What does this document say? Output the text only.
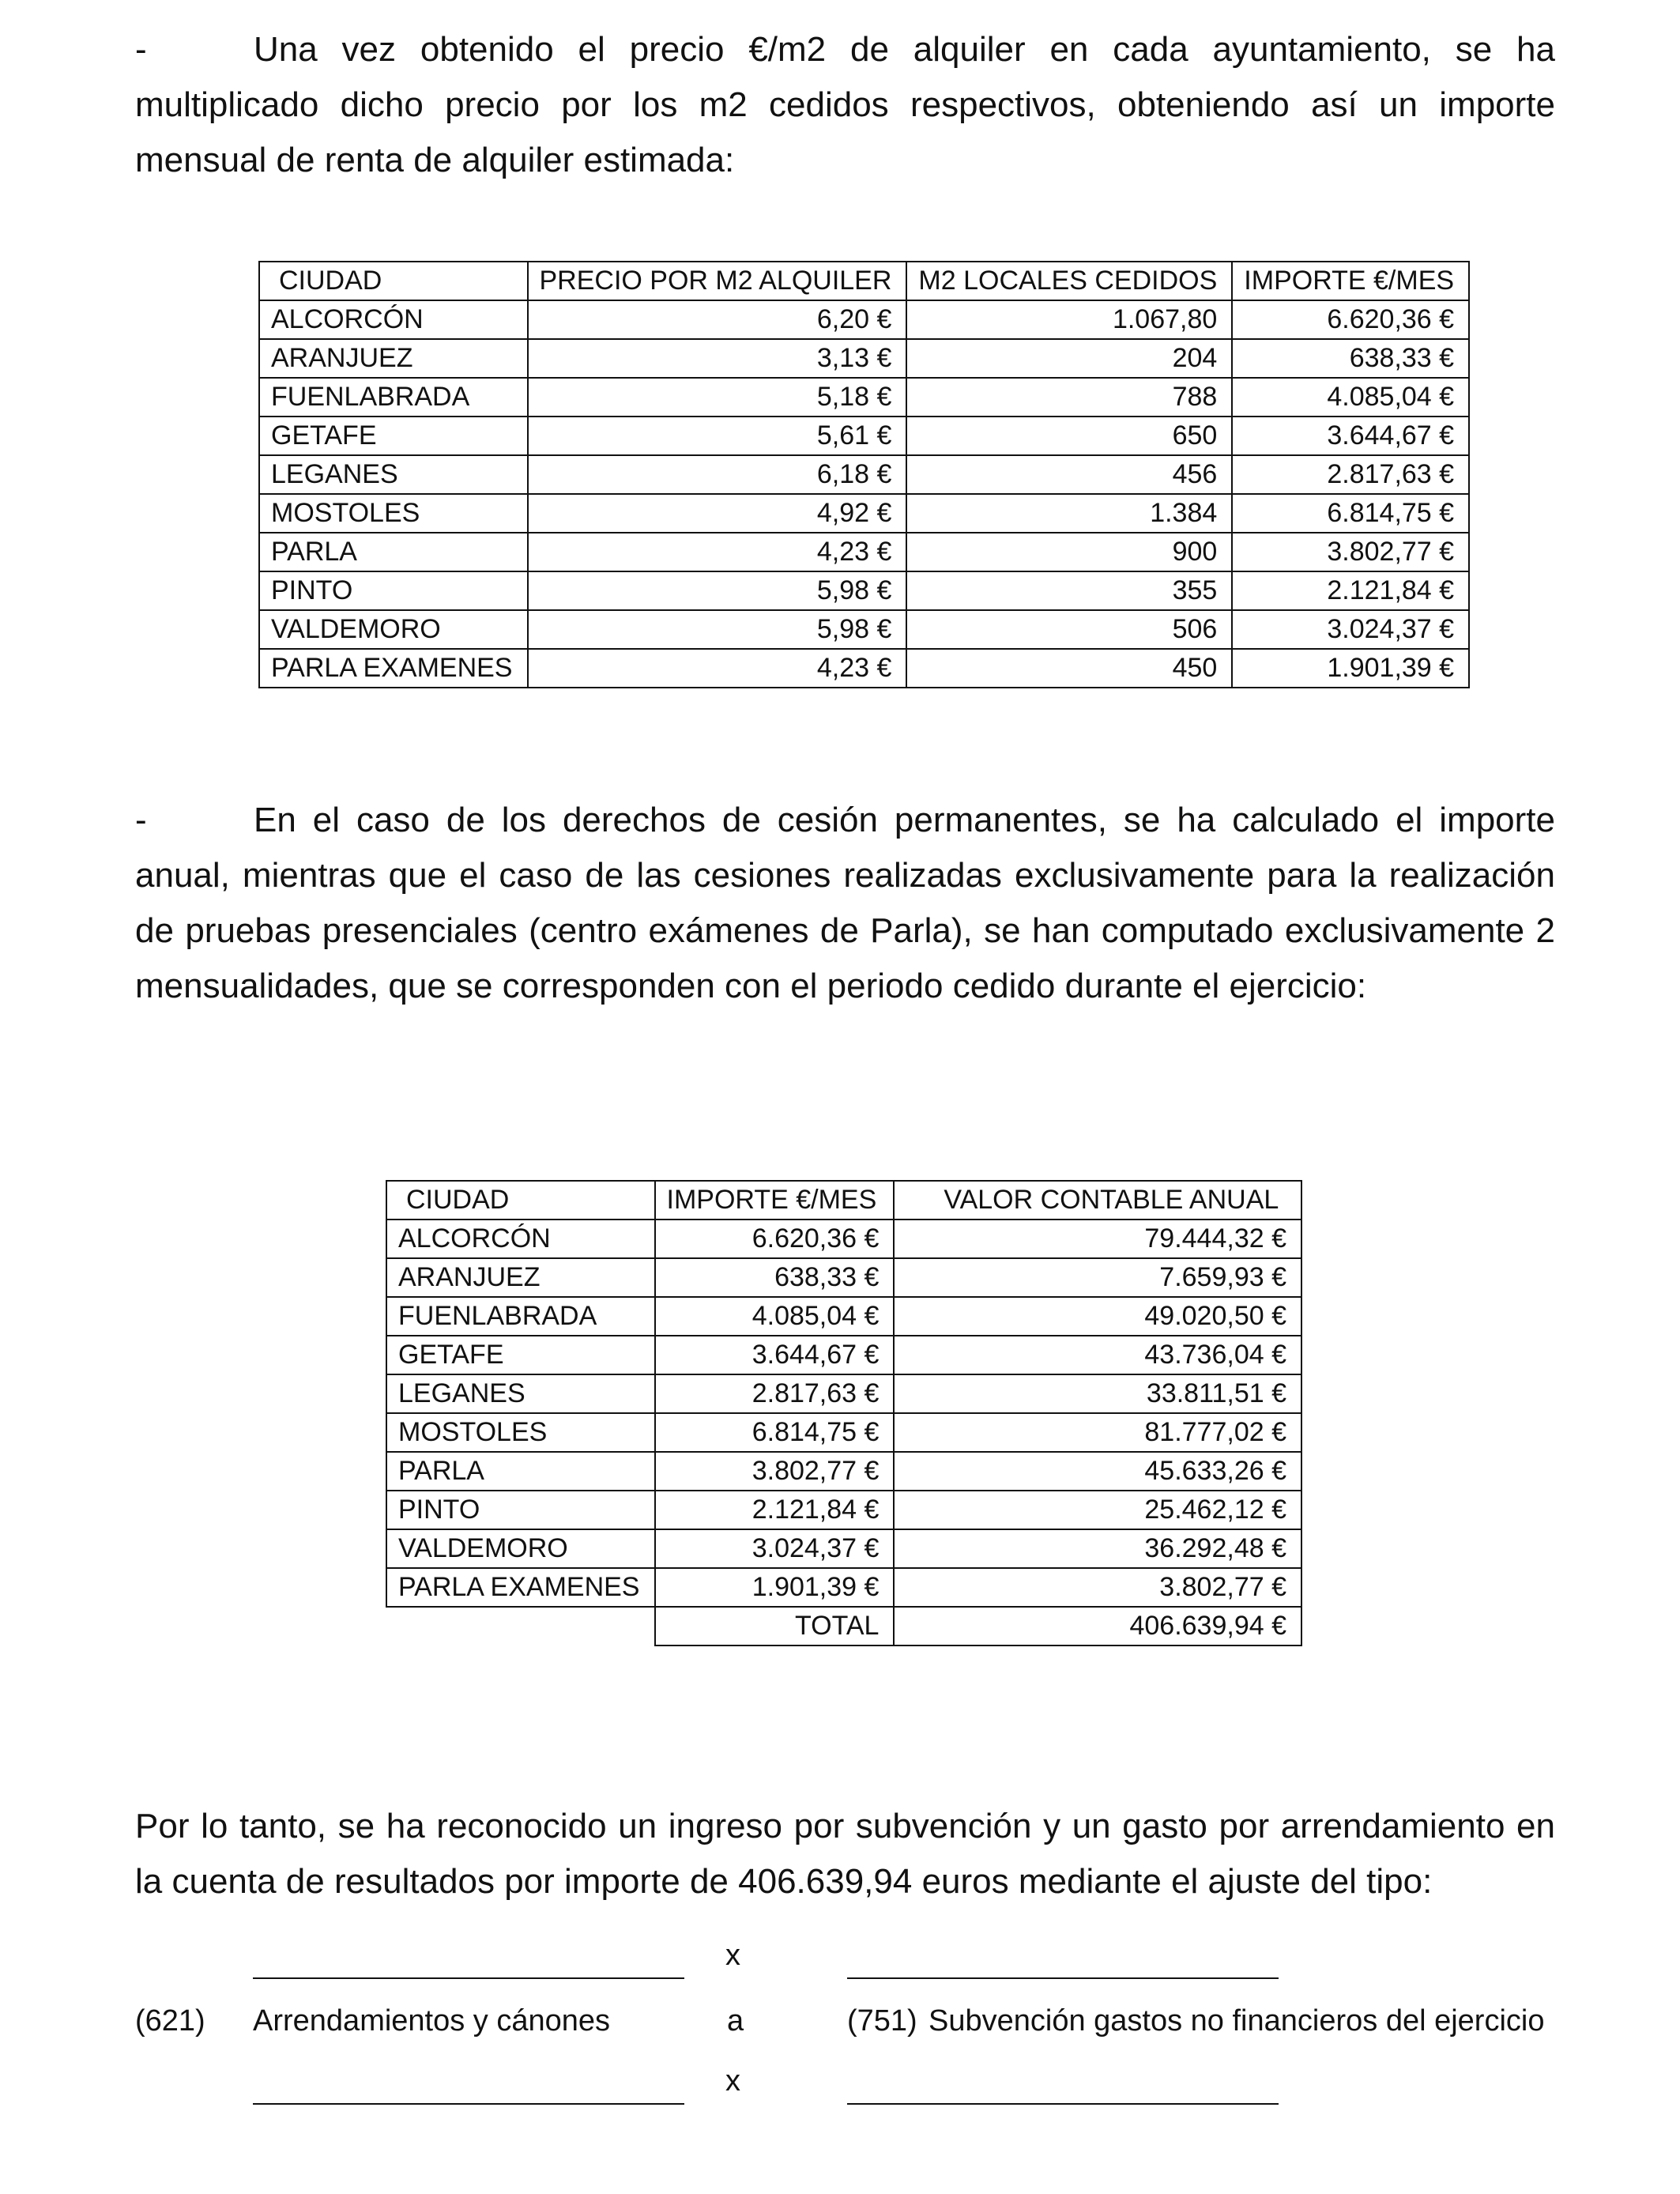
-	Una vez obtenido el precio €/m2 de alquiler en cada ayuntamiento, se ha multiplicado dicho precio por los m2 cedidos respectivos, obteniendo así un importe mensual de renta de alquiler estimada:
CIUDAD	PRECIO POR M2 ALQUILER	M2 LOCALES CEDIDOS	IMPORTE €/MES
ALCORCÓN	6,20 €	1.067,80	6.620,36 €
ARANJUEZ	3,13 €	204	638,33 €
FUENLABRADA	5,18 €	788	4.085,04 €
GETAFE	5,61 €	650	3.644,67 €
LEGANES	6,18 €	456	2.817,63 €
MOSTOLES	4,92 €	1.384	6.814,75 €
PARLA	4,23 €	900	3.802,77 €
PINTO	5,98 €	355	2.121,84 €
VALDEMORO	5,98 €	506	3.024,37 €
PARLA EXAMENES	4,23 €	450	1.901,39 €
-	En el caso de los derechos de cesión permanentes, se ha calculado el importe anual, mientras que el caso de las cesiones realizadas exclusivamente para la realización de pruebas presenciales (centro exámenes de Parla), se han computado exclusivamente 2 mensualidades, que se corresponden con el periodo cedido durante el ejercicio:
CIUDAD	IMPORTE €/MES	VALOR CONTABLE ANUAL
ALCORCÓN	6.620,36 €	79.444,32 €
ARANJUEZ	638,33 €	7.659,93 €
FUENLABRADA	4.085,04 €	49.020,50 €
GETAFE	3.644,67 €	43.736,04 €
LEGANES	2.817,63 €	33.811,51 €
MOSTOLES	6.814,75 €	81.777,02 €
PARLA	3.802,77 €	45.633,26 €
PINTO	2.121,84 €	25.462,12 €
VALDEMORO	3.024,37 €	36.292,48 €
PARLA EXAMENES	1.901,39 €	3.802,77 €
	TOTAL	406.639,94 €
Por lo tanto, se ha reconocido un ingreso por subvención y un gasto por arrendamiento en la cuenta de resultados por importe de 406.639,94 euros mediante el ajuste del tipo:
x
(621) Arrendamientos y cánones	a	(751) Subvención gastos no financieros del ejercicio
x
